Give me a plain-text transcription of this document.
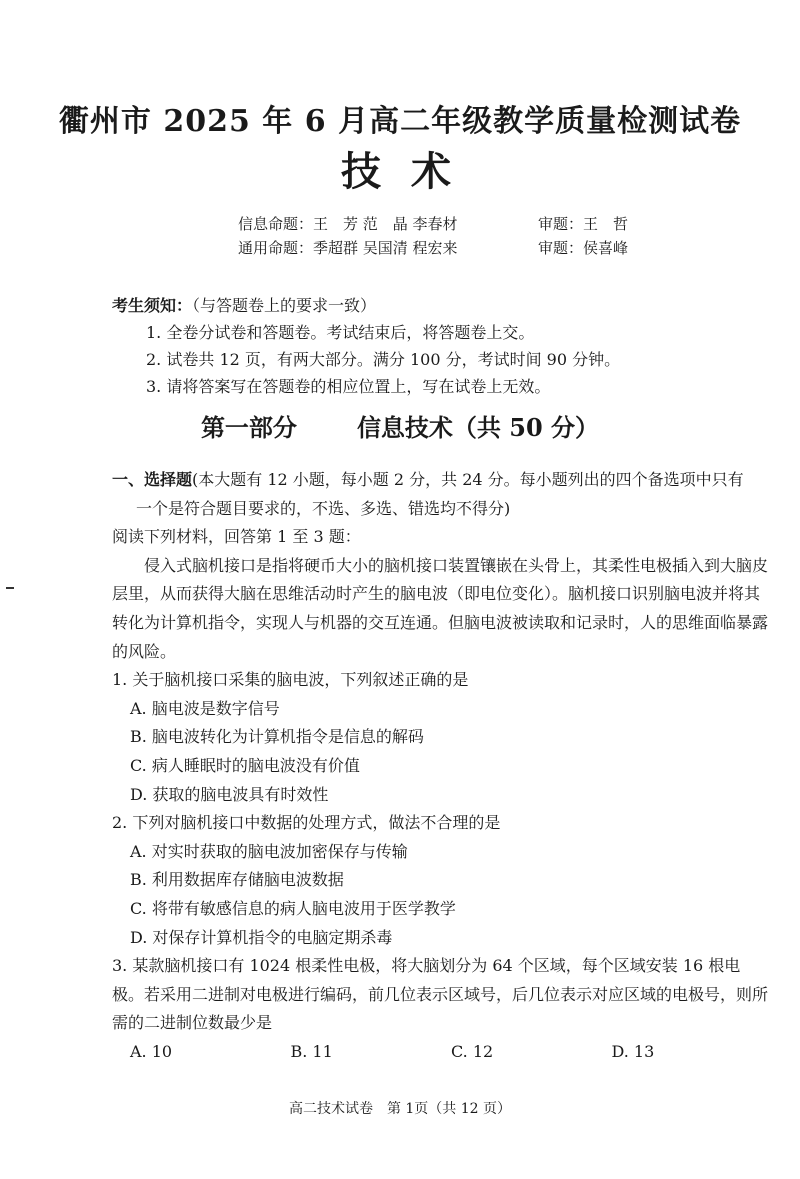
衢州市 2025 年 6 月高二年级教学质量检测试卷
技 术
信息命题：王　芳 范　晶 李春材	审题：王　哲
通用命题：季超群 吴国清 程宏来	审题：侯喜峰
考生须知：（与答题卷上的要求一致）
1. 全卷分试卷和答题卷。考试结束后，将答题卷上交。
2. 试卷共 12 页，有两大部分。满分 100 分，考试时间 90 分钟。
3. 请将答案写在答题卷的相应位置上，写在试卷上无效。
第一部分	信息技术（共 50 分）
一、选择题(本大题有 12 小题，每小题 2 分，共 24 分。每小题列出的四个备选项中只有
一个是符合题目要求的，不选、多选、错选均不得分)
阅读下列材料，回答第 1 至 3 题：
侵入式脑机接口是指将硬币大小的脑机接口装置镶嵌在头骨上，其柔性电极插入到大脑皮层里，从而获得大脑在思维活动时产生的脑电波（即电位变化）。脑机接口识别脑电波并将其转化为计算机指令，实现人与机器的交互连通。但脑电波被读取和记录时，人的思维面临暴露的风险。
1. 关于脑机接口采集的脑电波，下列叙述正确的是
A. 脑电波是数字信号
B. 脑电波转化为计算机指令是信息的解码
C. 病人睡眠时的脑电波没有价值
D. 获取的脑电波具有时效性
2. 下列对脑机接口中数据的处理方式，做法不合理的是
A. 对实时获取的脑电波加密保存与传输
B. 利用数据库存储脑电波数据
C. 将带有敏感信息的病人脑电波用于医学教学
D. 对保存计算机指令的电脑定期杀毒
3. 某款脑机接口有 1024 根柔性电极，将大脑划分为 64 个区域，每个区域安装 16 根电极。若采用二进制对电极进行编码，前几位表示区域号，后几位表示对应区域的电极号，则所需的二进制位数最少是
A. 10	B. 11	C. 12	D. 13
高二技术试卷　第 1页（共 12 页）
